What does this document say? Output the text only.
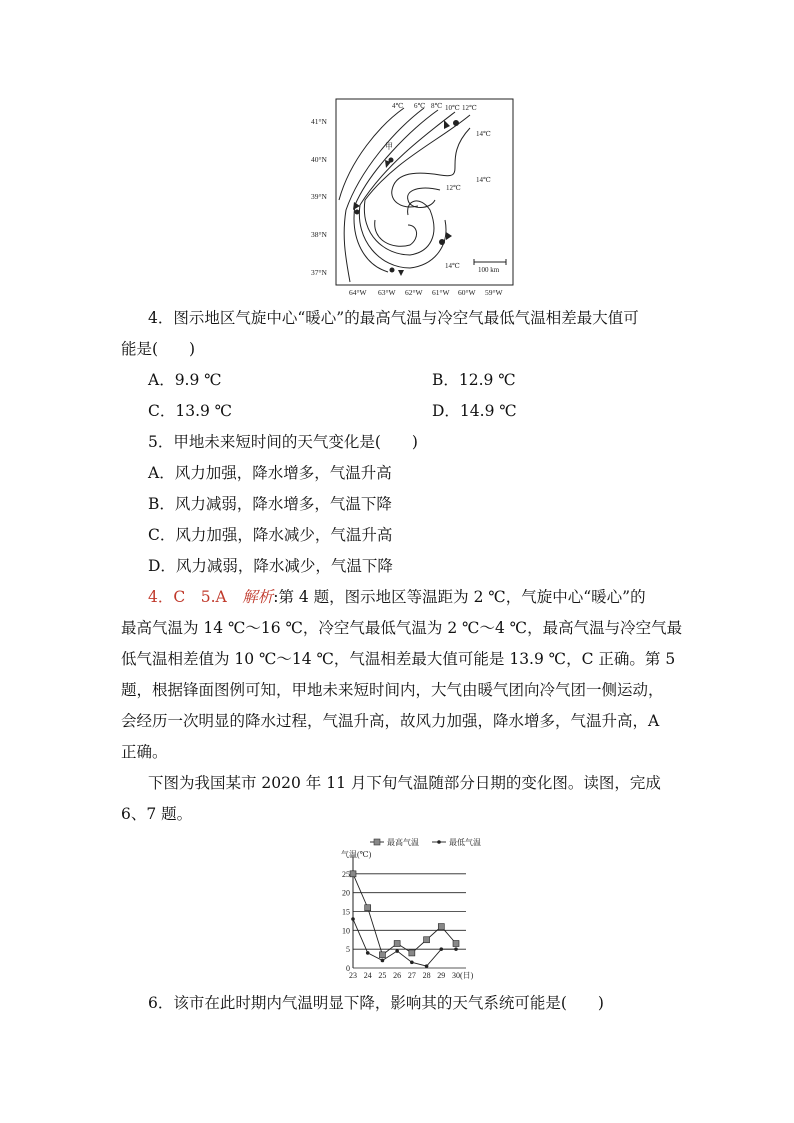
41°N
40°N
39°N
38°N
37°N
64°W 63°W 62°W 61°W 60°W 59°W
4℃ 6℃ 8℃ 10℃ 12℃
14℃
14℃
12℃
14℃
甲
100 km
4．图示地区气旋中心“暖心”的最高气温与冷空气最低气温相差最大值可
能是(　　)
A．9.9 ℃	B．12.9 ℃
C．13.9 ℃	D．14.9 ℃
5．甲地未来短时间的天气变化是(　　)
A．风力加强，降水增多，气温升高
B．风力减弱，降水增多，气温下降
C．风力加强，降水减少，气温升高
D．风力减弱，降水减少，气温下降
4．C　5.A　解析:第 4 题，图示地区等温距为 2 ℃，气旋中心“暖心”的
最高气温为 14 ℃～16 ℃，冷空气最低气温为 2 ℃～4 ℃，最高气温与冷空气最
低气温相差值为 10 ℃～14 ℃，气温相差最大值可能是 13.9 ℃，C 正确。第 5
题，根据锋面图例可知，甲地未来短时间内，大气由暖气团向冷气团一侧运动，
会经历一次明显的降水过程，气温升高，故风力加强，降水增多，气温升高，A
正确。
下图为我国某市 2020 年 11 月下旬气温随部分日期的变化图。读图，完成
6、7 题。
最高气温	最低气温
气温(℃)
0
5
10
15
20
25
23 24 25 26 27 28 29 30(日)
6．该市在此时期内气温明显下降，影响其的天气系统可能是(　　)
